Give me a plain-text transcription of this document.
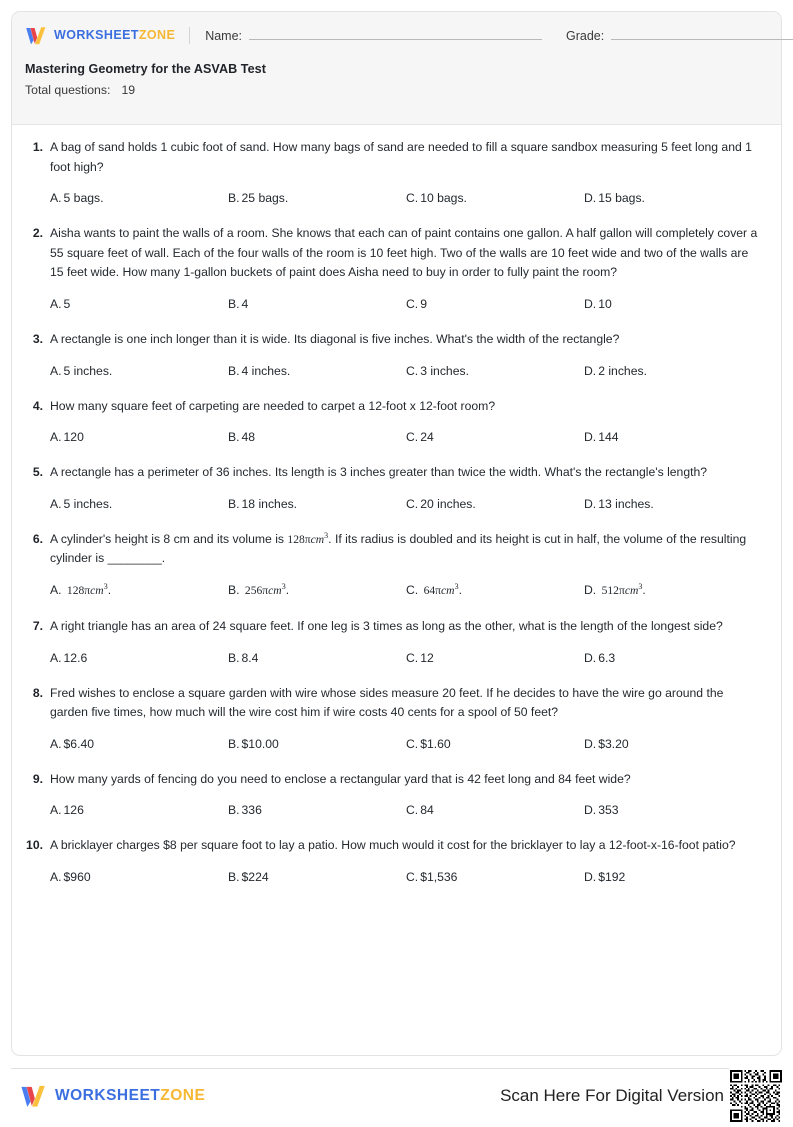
WORKSHEETZONE Name:	Grade:
Mastering Geometry for the ASVAB Test
Total questions: 19
1. A bag of sand holds 1 cubic foot of sand. How many bags of sand are needed to fill a square sandbox measuring 5 feet long and 1 foot high?

A. 5 bags.	B. 25 bags.	C. 10 bags.	D. 15 bags.
2. Aisha wants to paint the walls of a room. She knows that each can of paint contains one gallon. A half gallon will completely cover a 55 square feet of wall. Each of the four walls of the room is 10 feet high. Two of the walls are 10 feet wide and two of the walls are 15 feet wide. How many 1-gallon buckets of paint does Aisha need to buy in order to fully paint the room?

A. 5	B. 4	C. 9	D. 10
3. A rectangle is one inch longer than it is wide. Its diagonal is five inches. What's the width of the rectangle?

A. 5 inches.	B. 4 inches.	C. 3 inches.	D. 2 inches.
4. How many square feet of carpeting are needed to carpet a 12-foot x 12-foot room?

A. 120	B. 48	C. 24	D. 144
5. A rectangle has a perimeter of 36 inches. Its length is 3 inches greater than twice the width. What's the rectangle's length?

A. 5 inches.	B. 18 inches.	C. 20 inches.	D. 13 inches.
6. A cylinder's height is 8 cm and its volume is 128πcm$^3$. If its radius is doubled and its height is cut in half, the volume of the resulting cylinder is ________.

A. 128πcm$^3$.	B. 256πcm$^3$.	C. 64πcm$^3$.	D. 512πcm$^3$.
7. A right triangle has an area of 24 square feet. If one leg is 3 times as long as the other, what is the length of the longest side?

A. 12.6	B. 8.4	C. 12	D. 6.3
8. Fred wishes to enclose a square garden with wire whose sides measure 20 feet. If he decides to have the wire go around the garden five times, how much will the wire cost him if wire costs 40 cents for a spool of 50 feet?

A. $6.40	B. $10.00	C. $1.60	D. $3.20
9. How many yards of fencing do you need to enclose a rectangular yard that is 42 feet long and 84 feet wide?

A. 126	B. 336	C. 84	D. 353
10. A bricklayer charges $8 per square foot to lay a patio. How much would it cost for the bricklayer to lay a 12-foot-x-16-foot patio?

A. $960	B. $224	C. $1,536	D. $192
WORKSHEETZONE	Scan Here For Digital Version
